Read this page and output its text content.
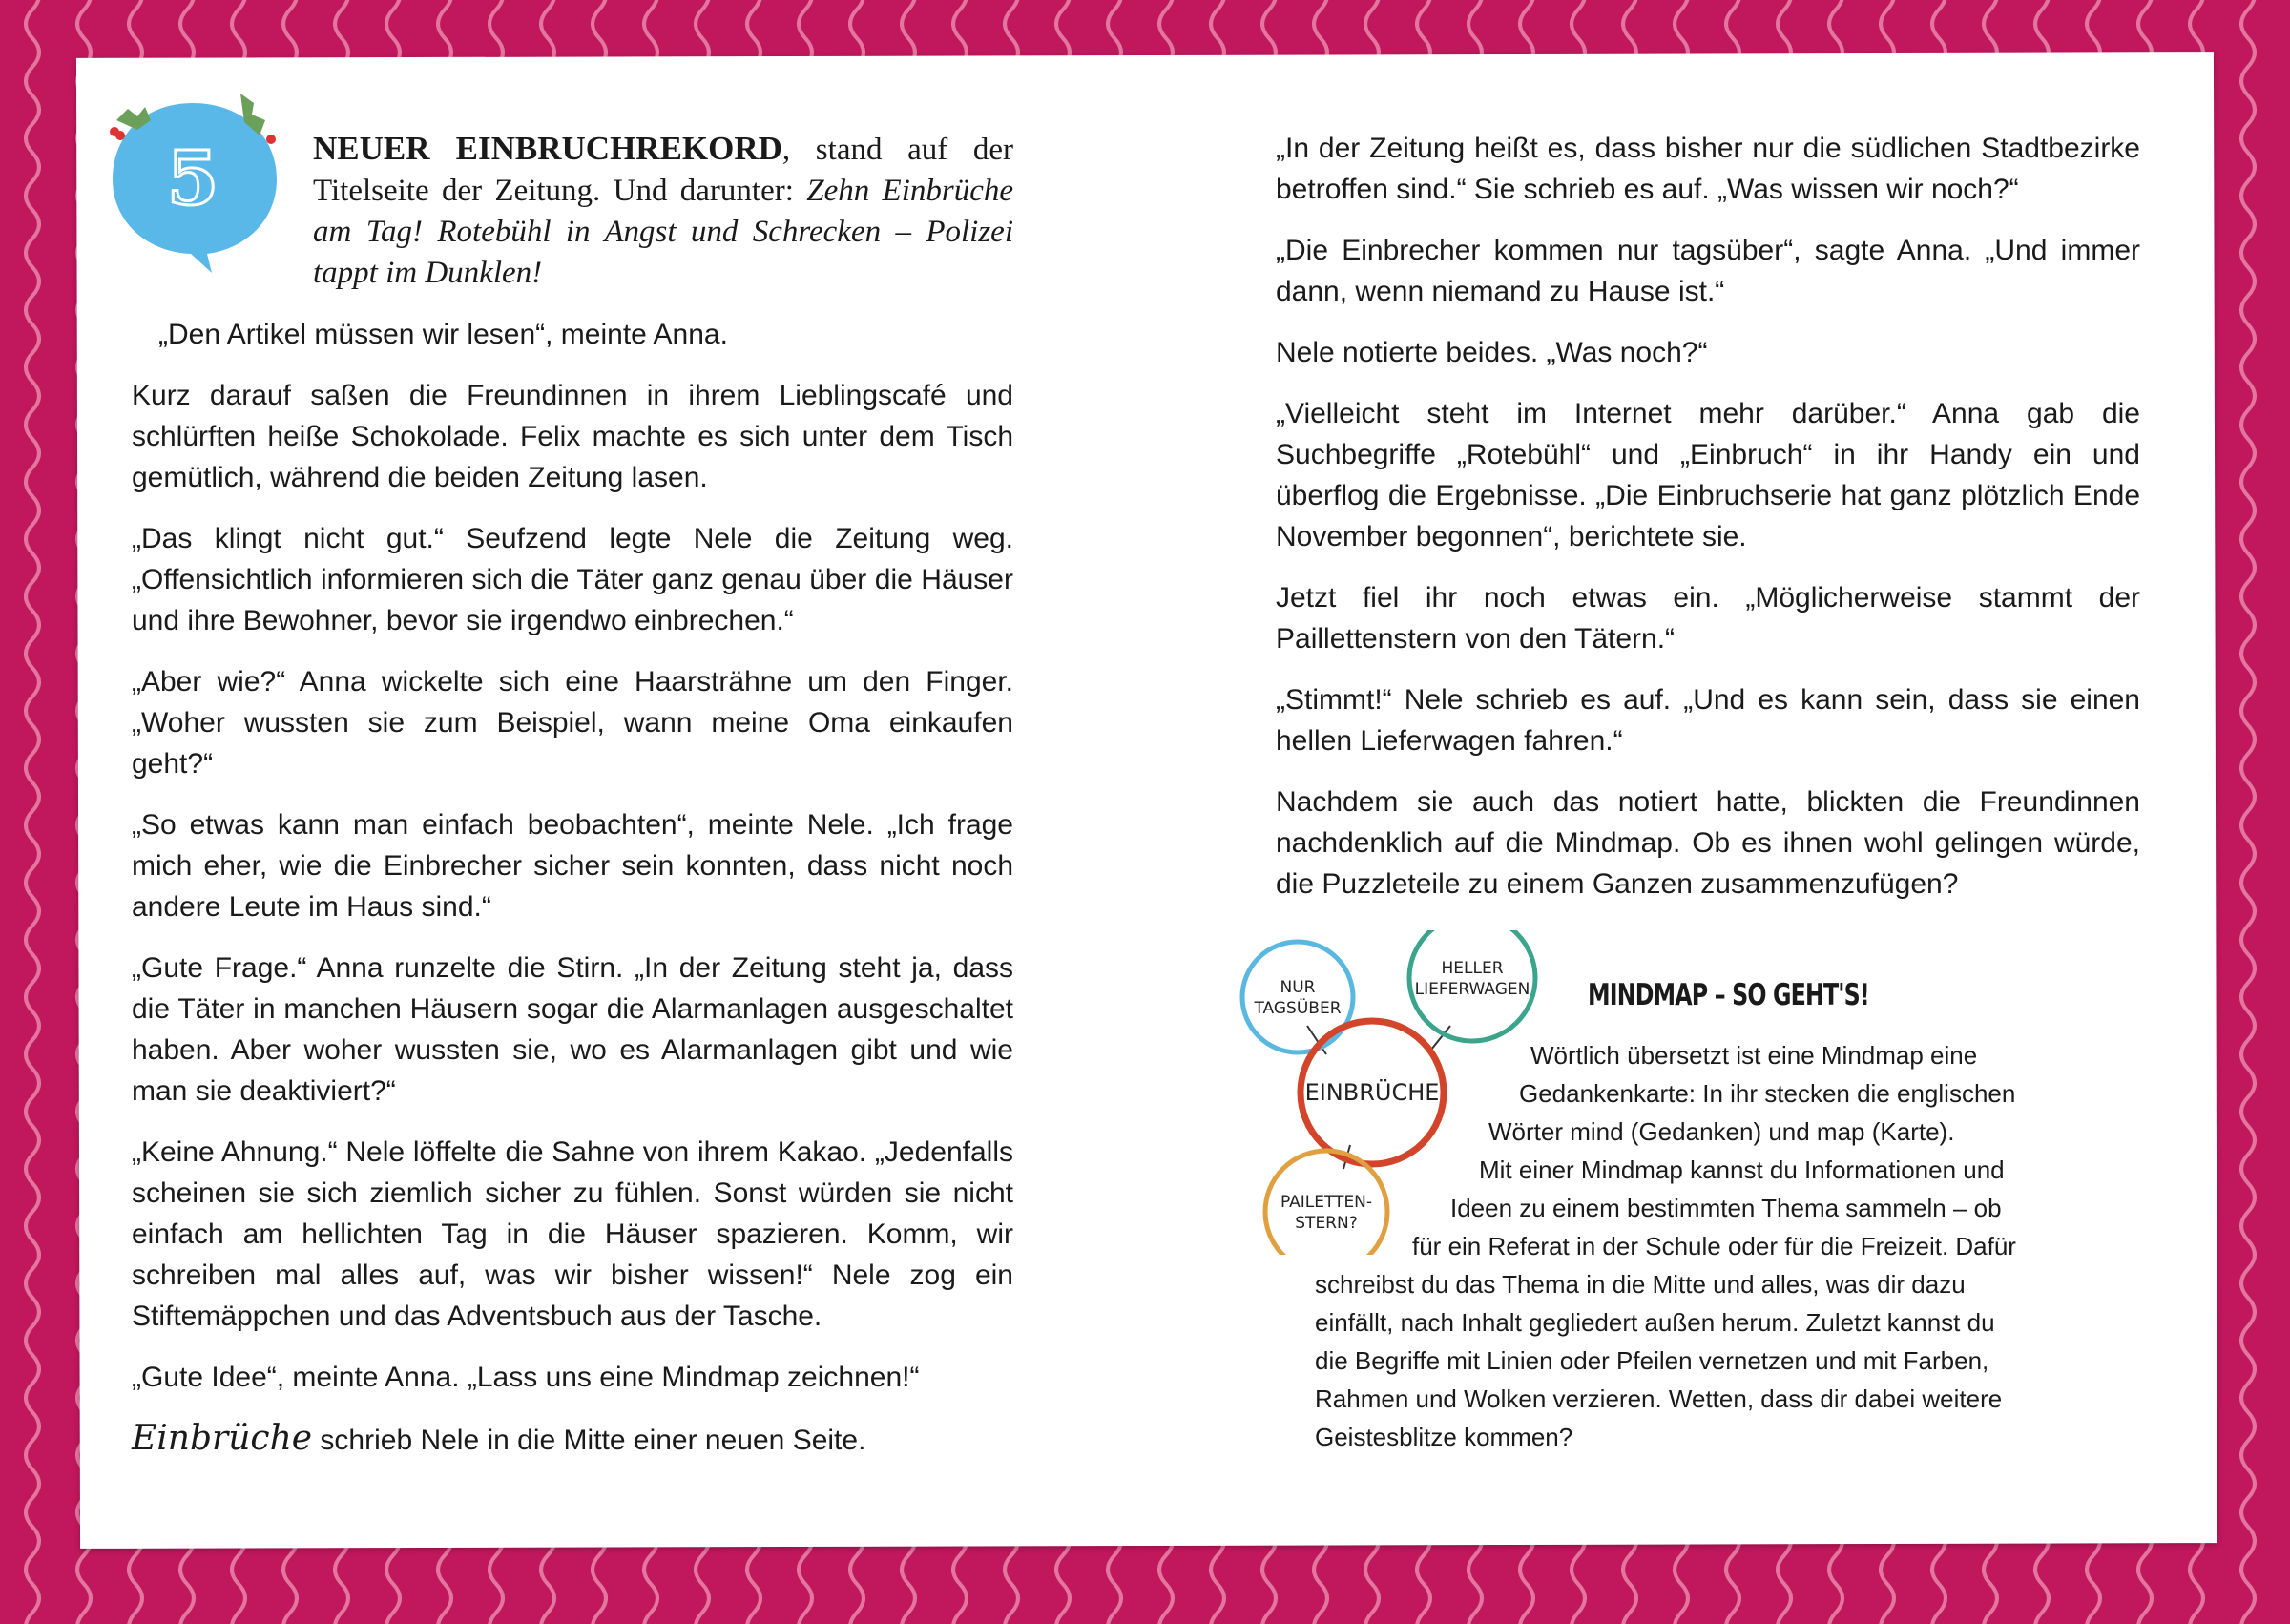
5	NEUER EINBRUCHREKORD, stand auf der Titelseite der Zeitung. Und darunter: Zehn Einbrüche am Tag! Rotebühl in Angst und Schrecken – Polizei tappt im Dunklen!

„Den Artikel müssen wir lesen“, meinte Anna.

Kurz darauf saßen die Freundinnen in ihrem Lieblingscafé und schlürften heiße Schokolade. Felix machte es sich unter dem Tisch gemütlich, während die beiden Zeitung lasen.

„Das klingt nicht gut.“ Seufzend legte Nele die Zeitung weg. „Offensichtlich informieren sich die Täter ganz genau über die Häuser und ihre Bewohner, bevor sie irgendwo einbrechen.“

„Aber wie?“ Anna wickelte sich eine Haarsträhne um den Finger. „Woher wussten sie zum Beispiel, wann meine Oma einkaufen geht?“

„So etwas kann man einfach beobachten“, meinte Nele. „Ich frage mich eher, wie die Einbrecher sicher sein konnten, dass nicht noch andere Leute im Haus sind.“

„Gute Frage.“ Anna runzelte die Stirn. „In der Zeitung steht ja, dass die Täter in manchen Häusern sogar die Alarmanlagen ausgeschaltet haben. Aber woher wussten sie, wo es Alarmanlagen gibt und wie man sie deaktiviert?“

„Keine Ahnung.“ Nele löffelte die Sahne von ihrem Kakao. „Jedenfalls scheinen sie sich ziemlich sicher zu fühlen. Sonst würden sie nicht einfach am hellichten Tag in die Häuser spazieren. Komm, wir schreiben mal alles auf, was wir bisher wissen!“ Nele zog ein Stiftemäppchen und das Adventsbuch aus der Tasche.

„Gute Idee“, meinte Anna. „Lass uns eine Mindmap zeichnen!“

Einbrüche schrieb Nele in die Mitte einer neuen Seite.

„In der Zeitung heißt es, dass bisher nur die südlichen Stadtbezirke betroffen sind.“ Sie schrieb es auf. „Was wissen wir noch?“

„Die Einbrecher kommen nur tagsüber“, sagte Anna. „Und immer dann, wenn niemand zu Hause ist.“

Nele notierte beides. „Was noch?“

„Vielleicht steht im Internet mehr darüber.“ Anna gab die Suchbegriffe „Rotebühl“ und „Einbruch“ in ihr Handy ein und überflog die Ergebnisse. „Die Einbruchserie hat ganz plötzlich Ende November begonnen“, berichtete sie.

Jetzt fiel ihr noch etwas ein. „Möglicherweise stammt der Paillettenstern von den Tätern.“

„Stimmt!“ Nele schrieb es auf. „Und es kann sein, dass sie einen hellen Lieferwagen fahren.“

Nachdem sie auch das notiert hatte, blickten die Freundinnen nachdenklich auf die Mindmap. Ob es ihnen wohl gelingen würde, die Puzzleteile zu einem Ganzen zusammenzufügen?

NUR
TAGSÜBER
HELLER
LIEFERWAGEN
EINBRÜCHE
PAILETTEN-
STERN?
MINDMAP – SO GEHT'S!
Wörtlich übersetzt ist eine Mindmap eine
Gedankenkarte: In ihr stecken die englischen
Wörter mind (Gedanken) und map (Karte).
Mit einer Mindmap kannst du Informationen und
Ideen zu einem bestimmten Thema sammeln – ob
für ein Referat in der Schule oder für die Freizeit. Dafür
schreibst du das Thema in die Mitte und alles, was dir dazu
einfällt, nach Inhalt gegliedert außen herum. Zuletzt kannst du
die Begriffe mit Linien oder Pfeilen vernetzen und mit Farben,
Rahmen und Wolken verzieren. Wetten, dass dir dabei weitere
Geistesblitze kommen?
